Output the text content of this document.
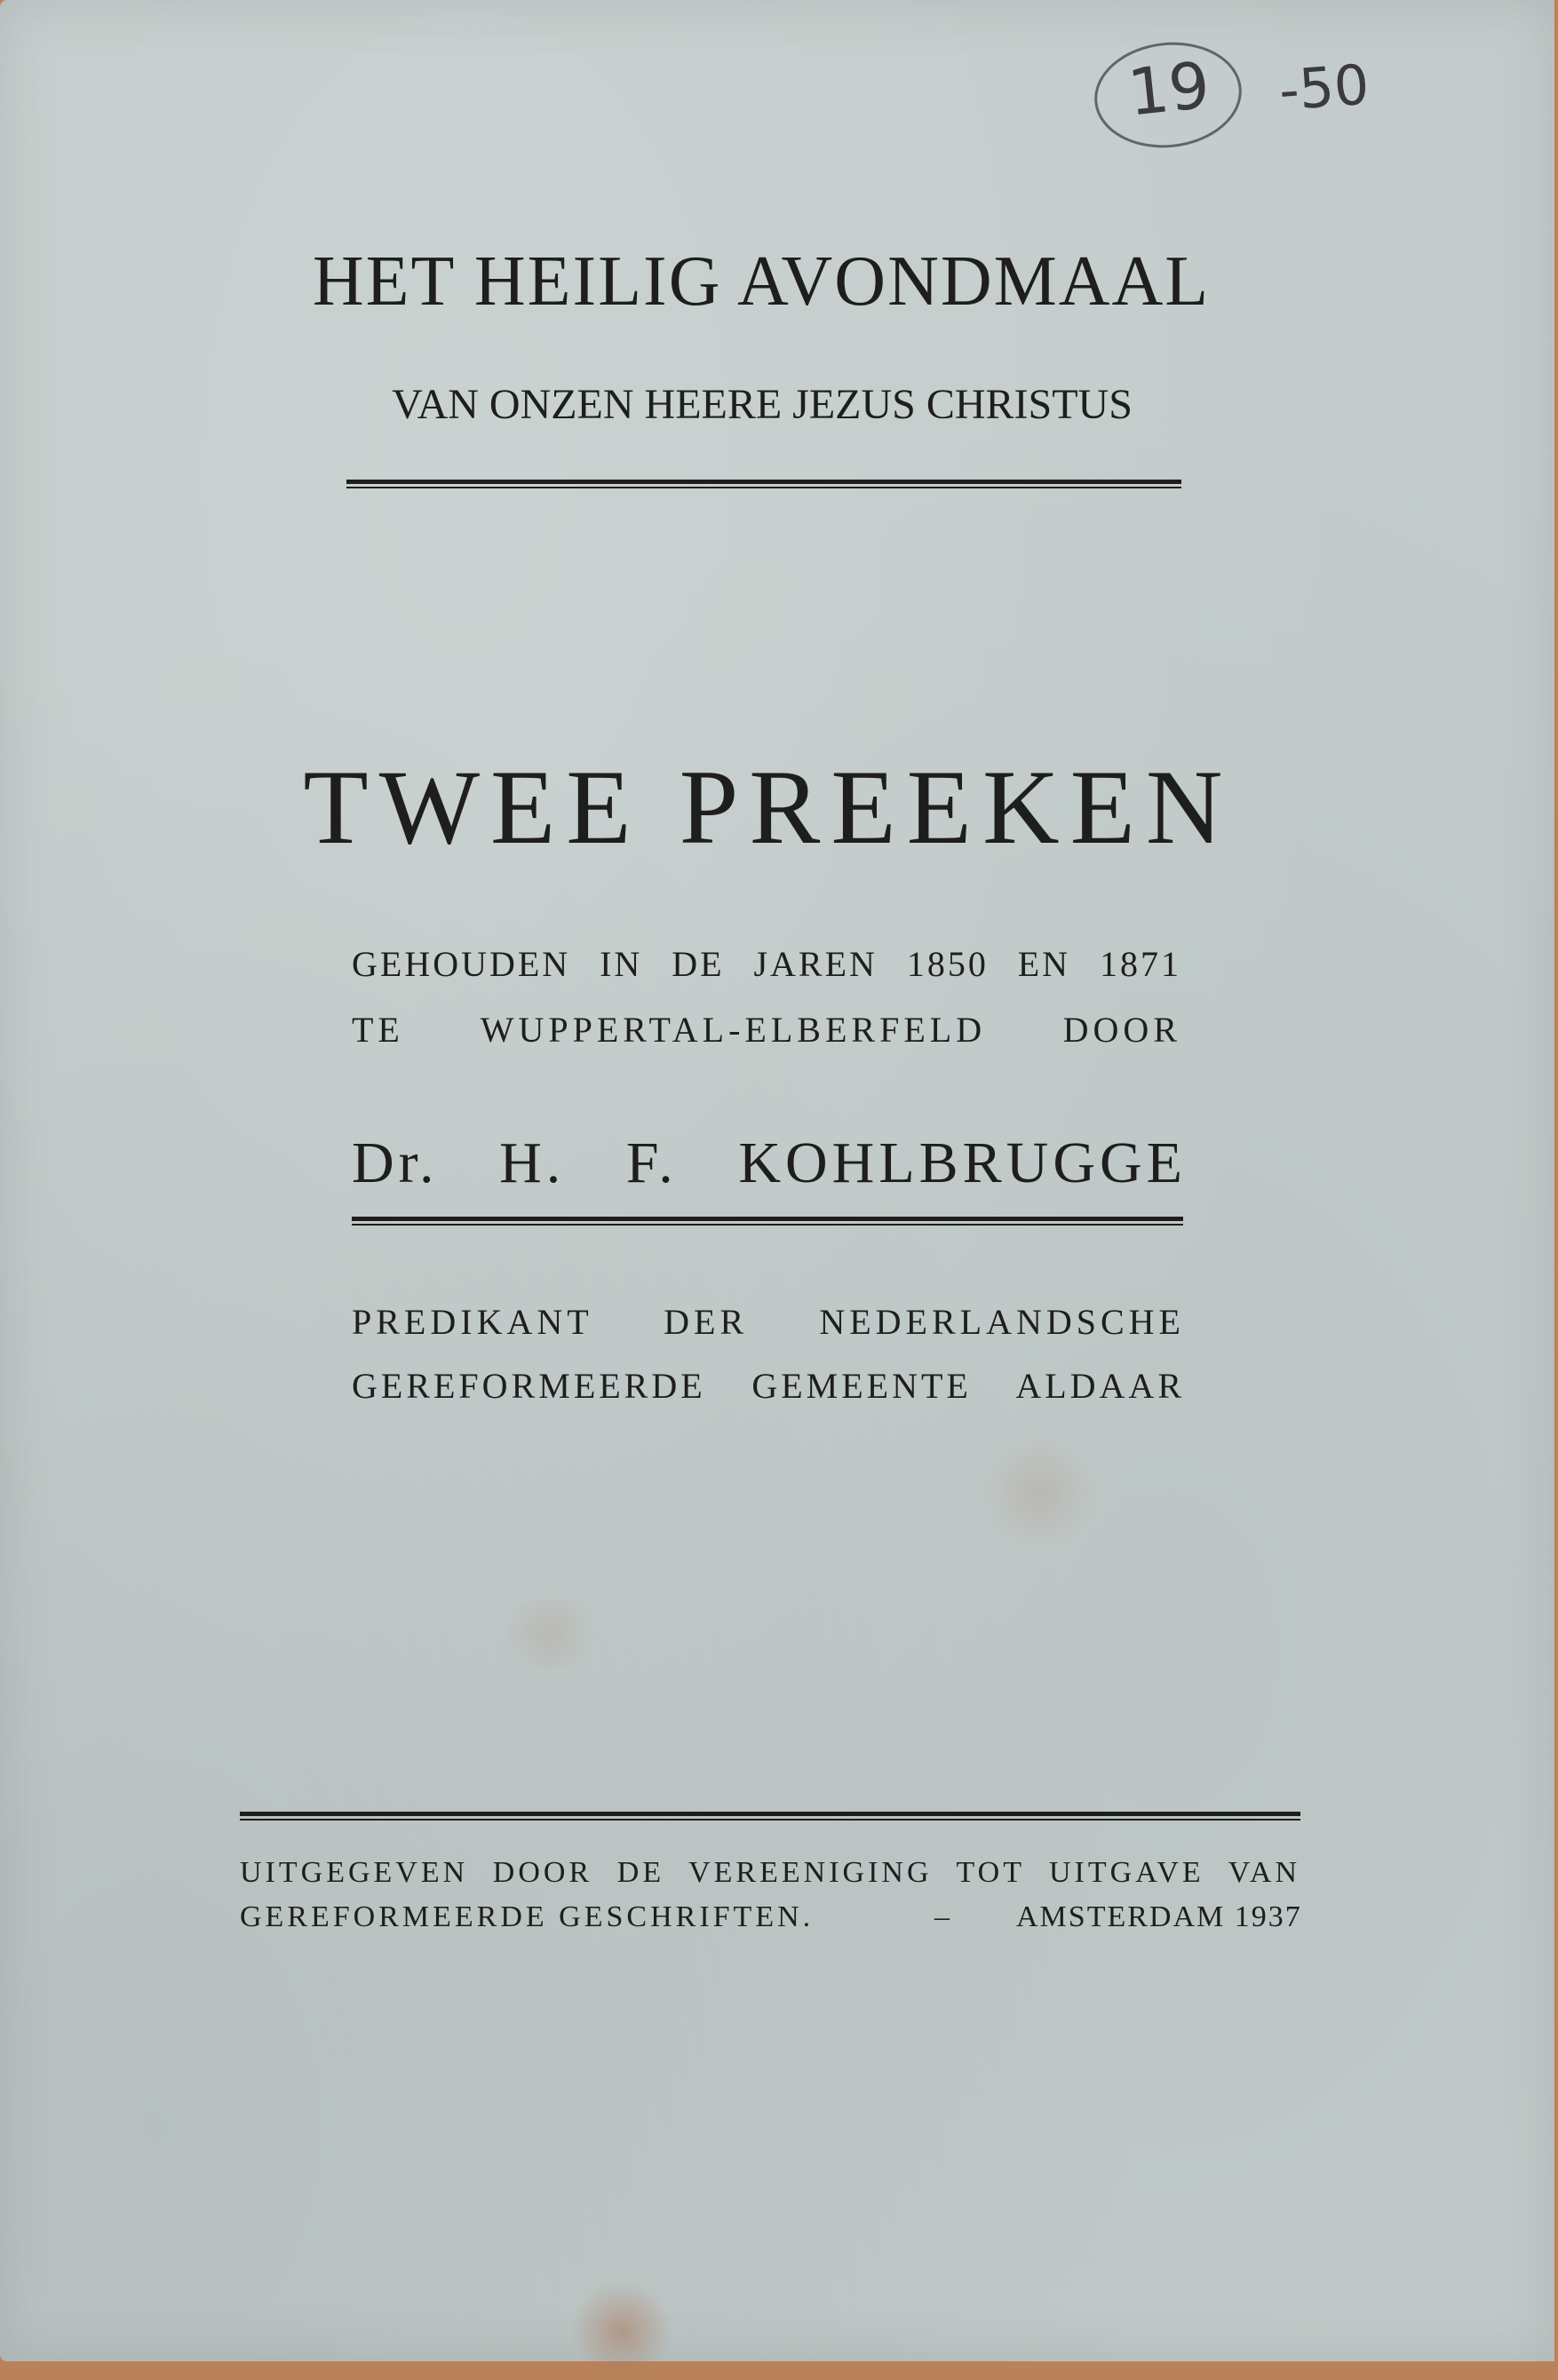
19 -50
HET HEILIG AVONDMAAL
VAN ONZEN HEERE JEZUS CHRISTUS
TWEE PREEKEN
GEHOUDEN IN DE JAREN 1850 EN 1871
TE WUPPERTAL-ELBERFELD DOOR
Dr. H. F. KOHLBRUGGE
PREDIKANT DER NEDERLANDSCHE
GEREFORMEERDE GEMEENTE ALDAAR
UITGEGEVEN DOOR DE VEREENIGING TOT UITGAVE VAN
GEREFORMEERDE GESCHRIFTEN.	– AMSTERDAM 1937
